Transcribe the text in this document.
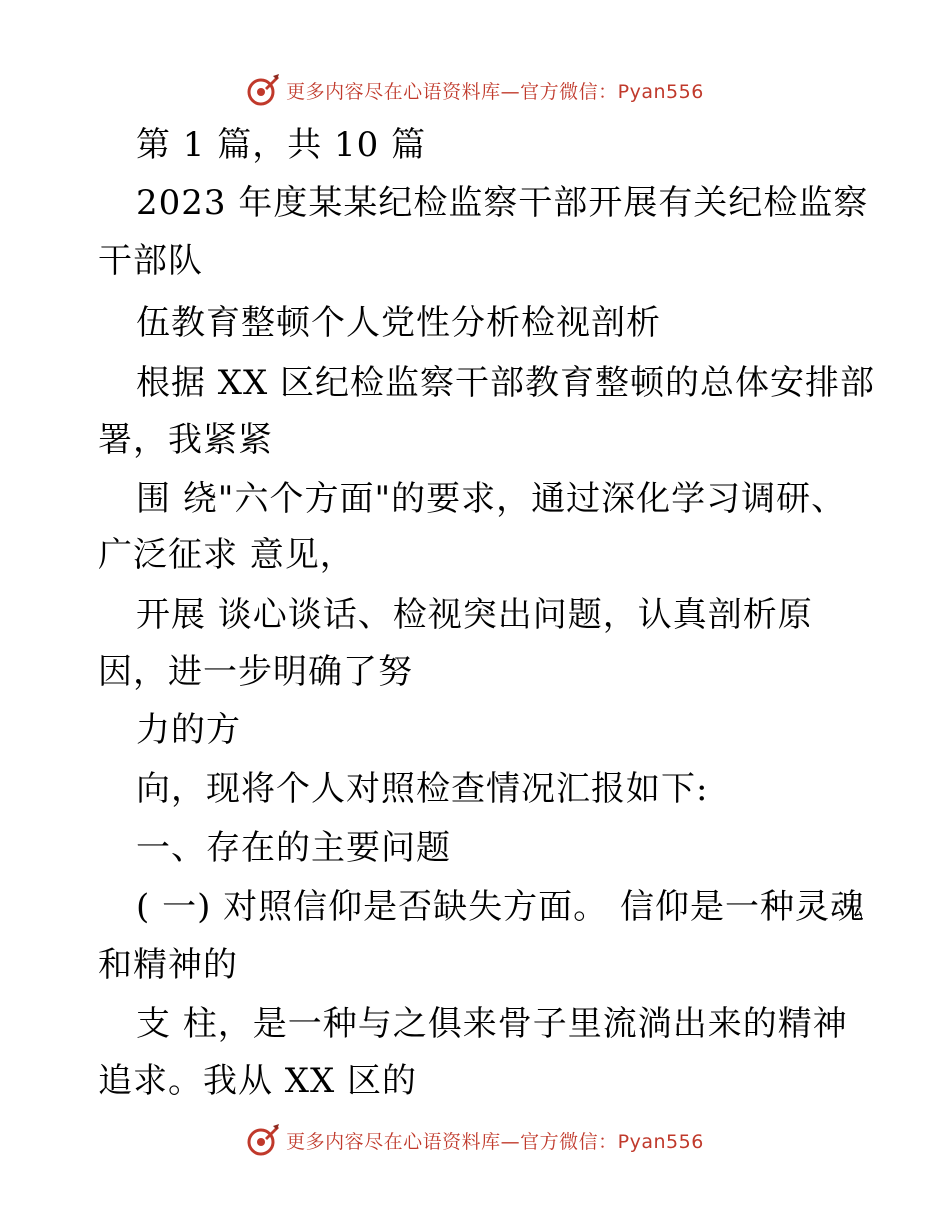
更多内容尽在心语资料库—官方微信：Pyan556
第 1 篇，共 10 篇
2023 年度某某纪检监察干部开展有关纪检监察
干部队
伍教育整顿个人党性分析检视剖析
根据 XX 区纪检监察干部教育整顿的总体安排部
署，我紧紧
围 绕"六个方面"的要求，通过深化学习调研、
广泛征求 意见，
开展 谈心谈话、检视突出问题，认真剖析原
因，进一步明确了努
力的方
向，现将个人对照检查情况汇报如下:
一、存在的主要问题
( 一) 对照信仰是否缺失方面。 信仰是一种灵魂
和精神的
支 柱，是一种与之俱来骨子里流淌出来的精神
追求。我从 XX 区的
更多内容尽在心语资料库—官方微信：Pyan556
